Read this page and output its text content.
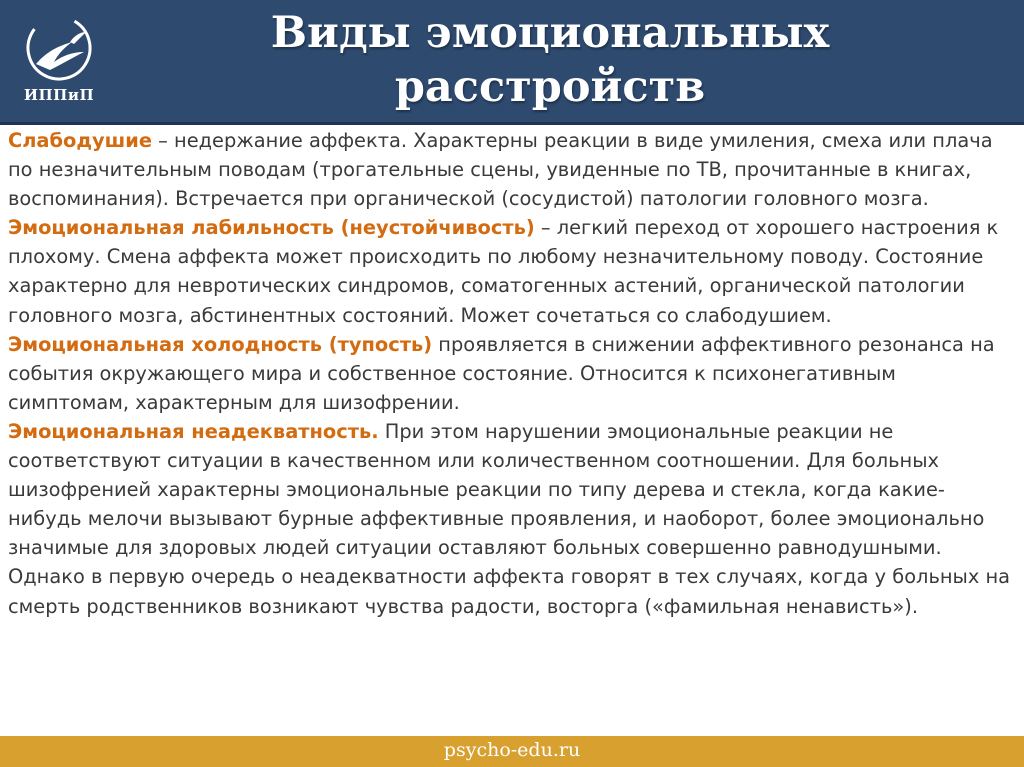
ИППиП
Виды эмоциональных
расстройств

Слабодушие – недержание аффекта. Характерны реакции в виде умиления, смеха или плача по незначительным поводам (трогательные сцены, увиденные по ТВ, прочитанные в книгах, воспоминания). Встречается при органической (сосудистой) патологии головного мозга.

Эмоциональная лабильность (неустойчивость) – легкий переход от хорошего настроения к плохому. Смена аффекта может происходить по любому незначительному поводу. Состояние характерно для невротических синдромов, соматогенных астений, органической патологии головного мозга, абстинентных состояний. Может сочетаться со слабодушием.

Эмоциональная холодность (тупость) проявляется в снижении аффективного резонанса на события окружающего мира и собственное состояние. Относится к психонегативным симптомам, характерным для шизофрении.

Эмоциональная неадекватность. При этом нарушении эмоциональные реакции не соответствуют ситуации в качественном или количественном соотношении. Для больных шизофренией характерны эмоциональные реакции по типу дерева и стекла, когда какие-нибудь мелочи вызывают бурные аффективные проявления, и наоборот, более эмоционально значимые для здоровых людей ситуации оставляют больных совершенно равнодушными. Однако в первую очередь о неадекватности аффекта говорят в тех случаях, когда у больных на смерть родственников возникают чувства радости, восторга («фамильная ненависть»).

psycho-edu.ru
